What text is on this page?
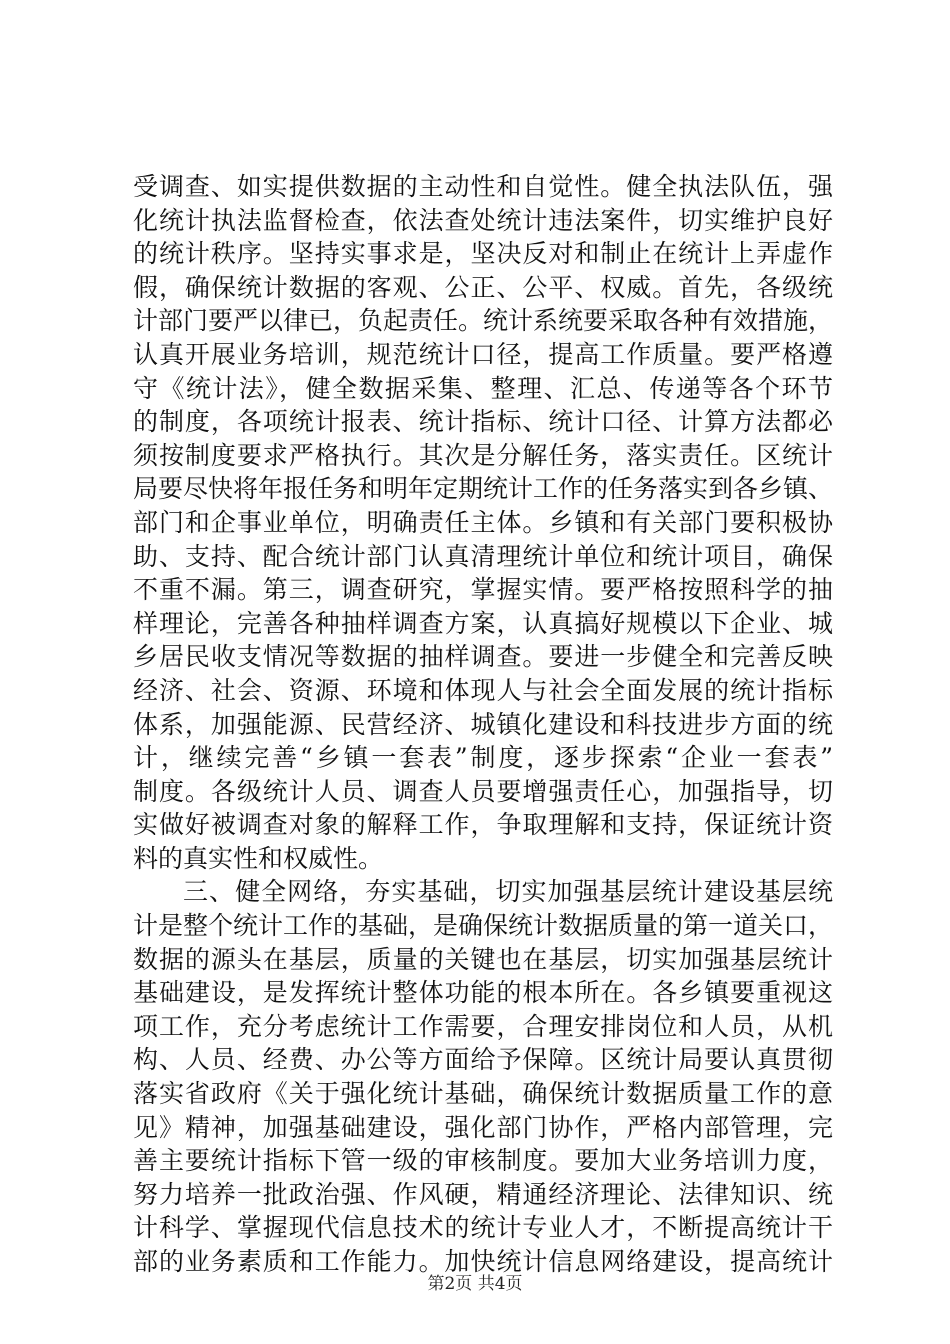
受调查、如实提供数据的主动性和自觉性。健全执法队伍，强
化统计执法监督检查，依法查处统计违法案件，切实维护良好
的统计秩序。坚持实事求是，坚决反对和制止在统计上弄虚作
假，确保统计数据的客观、公正、公平、权威。首先，各级统
计部门要严以律已，负起责任。统计系统要采取各种有效措施，
认真开展业务培训，规范统计口径，提高工作质量。要严格遵
守《统计法》，健全数据采集、整理、汇总、传递等各个环节
的制度，各项统计报表、统计指标、统计口径、计算方法都必
须按制度要求严格执行。其次是分解任务，落实责任。区统计
局要尽快将年报任务和明年定期统计工作的任务落实到各乡镇、
部门和企事业单位，明确责任主体。乡镇和有关部门要积极协
助、支持、配合统计部门认真清理统计单位和统计项目，确保
不重不漏。第三，调查研究，掌握实情。要严格按照科学的抽
样理论，完善各种抽样调查方案，认真搞好规模以下企业、城
乡居民收支情况等数据的抽样调查。要进一步健全和完善反映
经济、社会、资源、环境和体现人与社会全面发展的统计指标
体系，加强能源、民营经济、城镇化建设和科技进步方面的统
计，继续完善“乡镇一套表”制度，逐步探索“企业一套表”
制度。各级统计人员、调查人员要增强责任心，加强指导，切
实做好被调查对象的解释工作，争取理解和支持，保证统计资
料的真实性和权威性。
三、健全网络，夯实基础，切实加强基层统计建设基层统
计是整个统计工作的基础，是确保统计数据质量的第一道关口，
数据的源头在基层，质量的关键也在基层，切实加强基层统计
基础建设，是发挥统计整体功能的根本所在。各乡镇要重视这
项工作，充分考虑统计工作需要，合理安排岗位和人员，从机
构、人员、经费、办公等方面给予保障。区统计局要认真贯彻
落实省政府《关于强化统计基础，确保统计数据质量工作的意
见》精神，加强基础建设，强化部门协作，严格内部管理，完
善主要统计指标下管一级的审核制度。要加大业务培训力度，
努力培养一批政治强、作风硬，精通经济理论、法律知识、统
计科学、掌握现代信息技术的统计专业人才，不断提高统计干
部的业务素质和工作能力。加快统计信息网络建设，提高统计
第2页 共4页
